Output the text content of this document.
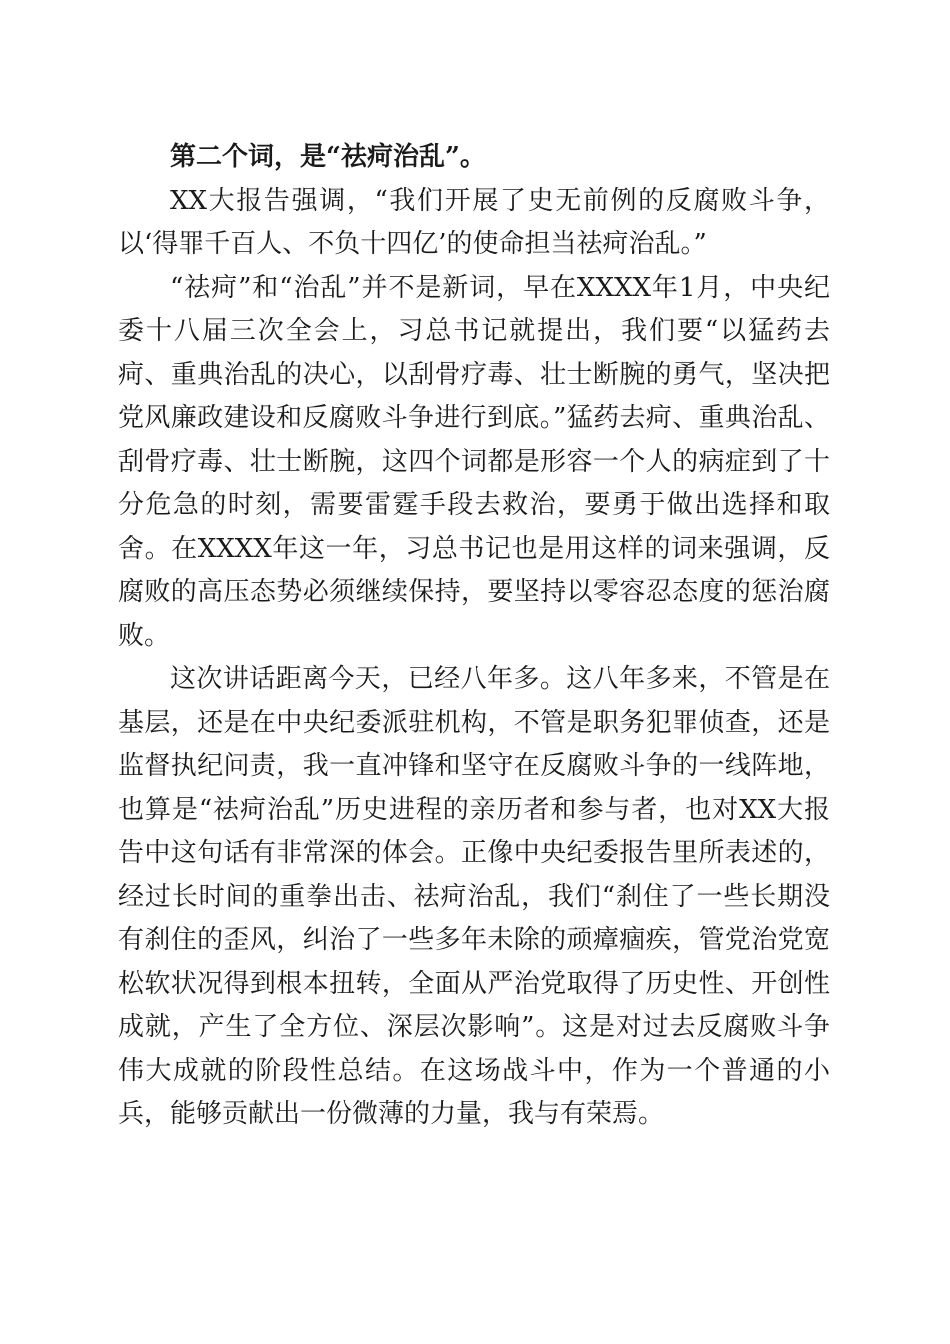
第二个词，是“祛疴治乱”。

XX大报告强调，“我们开展了史无前例的反腐败斗争，以‘得罪千百人、不负十四亿’的使命担当祛疴治乱。”

“祛疴”和“治乱”并不是新词，早在XXXX年1月，中央纪委十八届三次全会上，习总书记就提出，我们要“以猛药去疴、重典治乱的决心，以刮骨疗毒、壮士断腕的勇气，坚决把党风廉政建设和反腐败斗争进行到底。”猛药去疴、重典治乱、刮骨疗毒、壮士断腕，这四个词都是形容一个人的病症到了十分危急的时刻，需要雷霆手段去救治，要勇于做出选择和取舍。在XXXX年这一年，习总书记也是用这样的词来强调，反腐败的高压态势必须继续保持，要坚持以零容忍态度的惩治腐败。

这次讲话距离今天，已经八年多。这八年多来，不管是在基层，还是在中央纪委派驻机构，不管是职务犯罪侦查，还是监督执纪问责，我一直冲锋和坚守在反腐败斗争的一线阵地，也算是“祛疴治乱”历史进程的亲历者和参与者，也对XX大报告中这句话有非常深的体会。正像中央纪委报告里所表述的，经过长时间的重拳出击、祛疴治乱，我们“刹住了一些长期没有刹住的歪风，纠治了一些多年未除的顽瘴痼疾，管党治党宽松软状况得到根本扭转，全面从严治党取得了历史性、开创性成就，产生了全方位、深层次影响”。这是对过去反腐败斗争伟大成就的阶段性总结。在这场战斗中，作为一个普通的小兵，能够贡献出一份微薄的力量，我与有荣焉。
